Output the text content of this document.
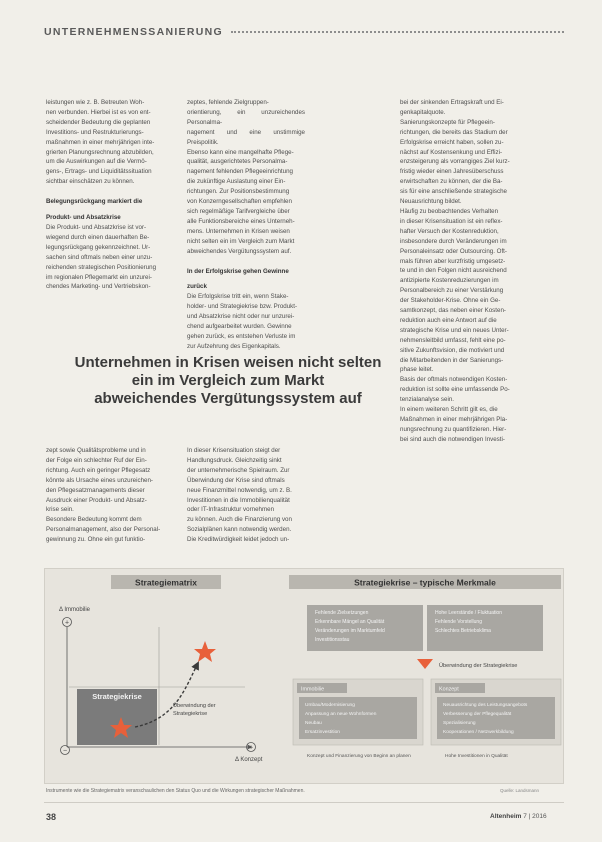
UNTERNEHMENSSANIERUNG

leistungen wie z. B. Betreuten Woh-

nen verbunden. Hierbei ist es von ent-

scheidender Bedeutung die geplanten

Investitions- und Restrukturierungs-

maßnahmen in einer mehrjährigen inte-

grierten Planungsrechnung abzubilden,

um die Auswirkungen auf die Vermö-

gens-, Ertrags- und Liquiditätssituation

sichtbar einschätzen zu können.

Belegungsrückgang markiert die

Produkt- und Absatzkrise

Die Produkt- und Absatzkrise ist vor-

wiegend durch einen dauerhaften Be-

legungsrückgang gekennzeichnet. Ur-

sachen sind oftmals neben einer unzu-

reichenden strategischen Positionierung

im regionalen Pflegemarkt ein unzurei-

chendes Marketing- und Vertriebskon-

zeptes, fehlende Zielgruppen-

orientierung, ein unzureichendes Personalma-

nagement und eine unstimmige Preispolitik.

Ebenso kann eine mangelhafte Pflege-

qualität, ausgerichtetes Personalma-

nagement fehlenden Pflegeeinrichtung

die zukünftige Auslastung einer Ein-

richtungen. Zur Positionsbestimmung

von Konzerngesellschaften empfehlen

sich regelmäßige Tarifvergleiche über

alle Funktionsbereiche eines Unterneh-

mens. Unternehmen in Krisen weisen

nicht selten ein im Vergleich zum Markt

abweichendes Vergütungssystem auf.

In der Erfolgskrise gehen Gewinne

zurück

Die Erfolgskrise tritt ein, wenn Stake-

holder- und Strategiekrise bzw. Produkt-

und Absatzkrise nicht oder nur unzurei-

chend aufgearbeitet wurden. Gewinne

gehen zurück, es entstehen Verluste im

zur Aufzehrung des Eigenkapitals.

bei der sinkenden Ertragskraft und Ei-

genkapitalquote.

Sanierungskonzepte für Pflegeein-

richtungen, die bereits das Stadium der

Erfolgskrise erreicht haben, sollen zu-

nächst auf Kostensenkung und Effizi-

enzsteigerung als vorrangiges Ziel kurz-

fristig wieder einen Jahresüberschuss

erwirtschaften zu können, der die Ba-

sis für eine anschließende strategische

Neuausrichtung bildet.

Häufig zu beobachtendes Verhalten

in dieser Krisensituation ist ein reflex-

hafter Versuch der Kostenreduktion,

insbesondere durch Veränderungen im

Personaleinsatz oder Outsourcing. Oft-

mals führen aber kurzfristig umgesetz-

te und in den Folgen nicht ausreichend

antizipierte Kostenreduzierungen im

Personalbereich zu einer Verstärkung

der Stakeholder-Krise. Ohne ein Ge-

samtkonzept, das neben einer Kosten-

reduktion auch eine Antwort auf die

strategische Krise und ein neues Unter-

nehmensleitbild umfasst, fehlt eine po-

sitive Zukunftsvision, die motiviert und

die Mitarbeitenden in der Sanierungs-

phase leitet.

Basis der oftmals notwendigen Kosten-

reduktion ist sollte eine umfassende Po-

tenzialanalyse sein.

In einem weiteren Schritt gilt es, die

Maßnahmen in einer mehrjährigen Pla-

nungsrechnung zu quantifizieren. Hier-

bei sind auch die notwendigen Investi-

Unternehmen in Krisen weisen nicht selten
ein im Vergleich zum Markt
abweichendes Vergütungssystem auf

zept sowie Qualitätsprobleme und in

der Folge ein schlechter Ruf der Ein-

richtung. Auch ein geringer Pflegesatz

könnte als Ursache eines unzureichen-

den Pflegesatzmanagements dieser

Ausdruck einer Produkt- und Absatz-

krise sein.

Besondere Bedeutung kommt dem

Personalmanagement, also der Personal-

gewinnung zu. Ohne ein gut funktio-

In dieser Krisensituation steigt der

Handlungsdruck. Gleichzeitig sinkt

der unternehmerische Spielraum. Zur

Überwindung der Krise sind oftmals

neue Finanzmittel notwendig, um z. B.

Investitionen in die Immobilienqualität

oder IT-Infrastruktur vornehmen

zu können. Auch die Finanzierung von

Sozialplänen kann notwendig werden.

Die Kreditwürdigkeit leidet jedoch un-

Strategiematrix
Δ Immobilie
+
Strategiekrise
Überwindung der
Strategiekrise
−	+
Δ Konzept
Strategiekrise – typische Merkmale
Fehlende Zielsetzungen
Erkennbare Mängel an Qualität
Veränderungen im Marktumfeld
Investitionsstau
Hohe Leerstände / Fluktuation
Fehlende Vorstellung
Schlechtes Betriebsklima
Überwindung der Strategiekrise
Immobilie
Umbau/Modernisierung
Anpassung an neue Wohnformen
Neubau
Ersatzinvestition
Konzept und Finanzierung von Beginn an planen
Konzept
Neuausrichtung des Leistungsangebots
Verbesserung der Pflegequalität
Spezialisierung
Kooperationen / Netzwerkbildung
Hohe Investitionen in Qualität
Instrumente wie die Strategiematrix veranschaulichen den Status Quo und die Wirkungen strategischer Maßnahmen.	Quelle: Landsmann
38	Altenheim 7 | 2016
